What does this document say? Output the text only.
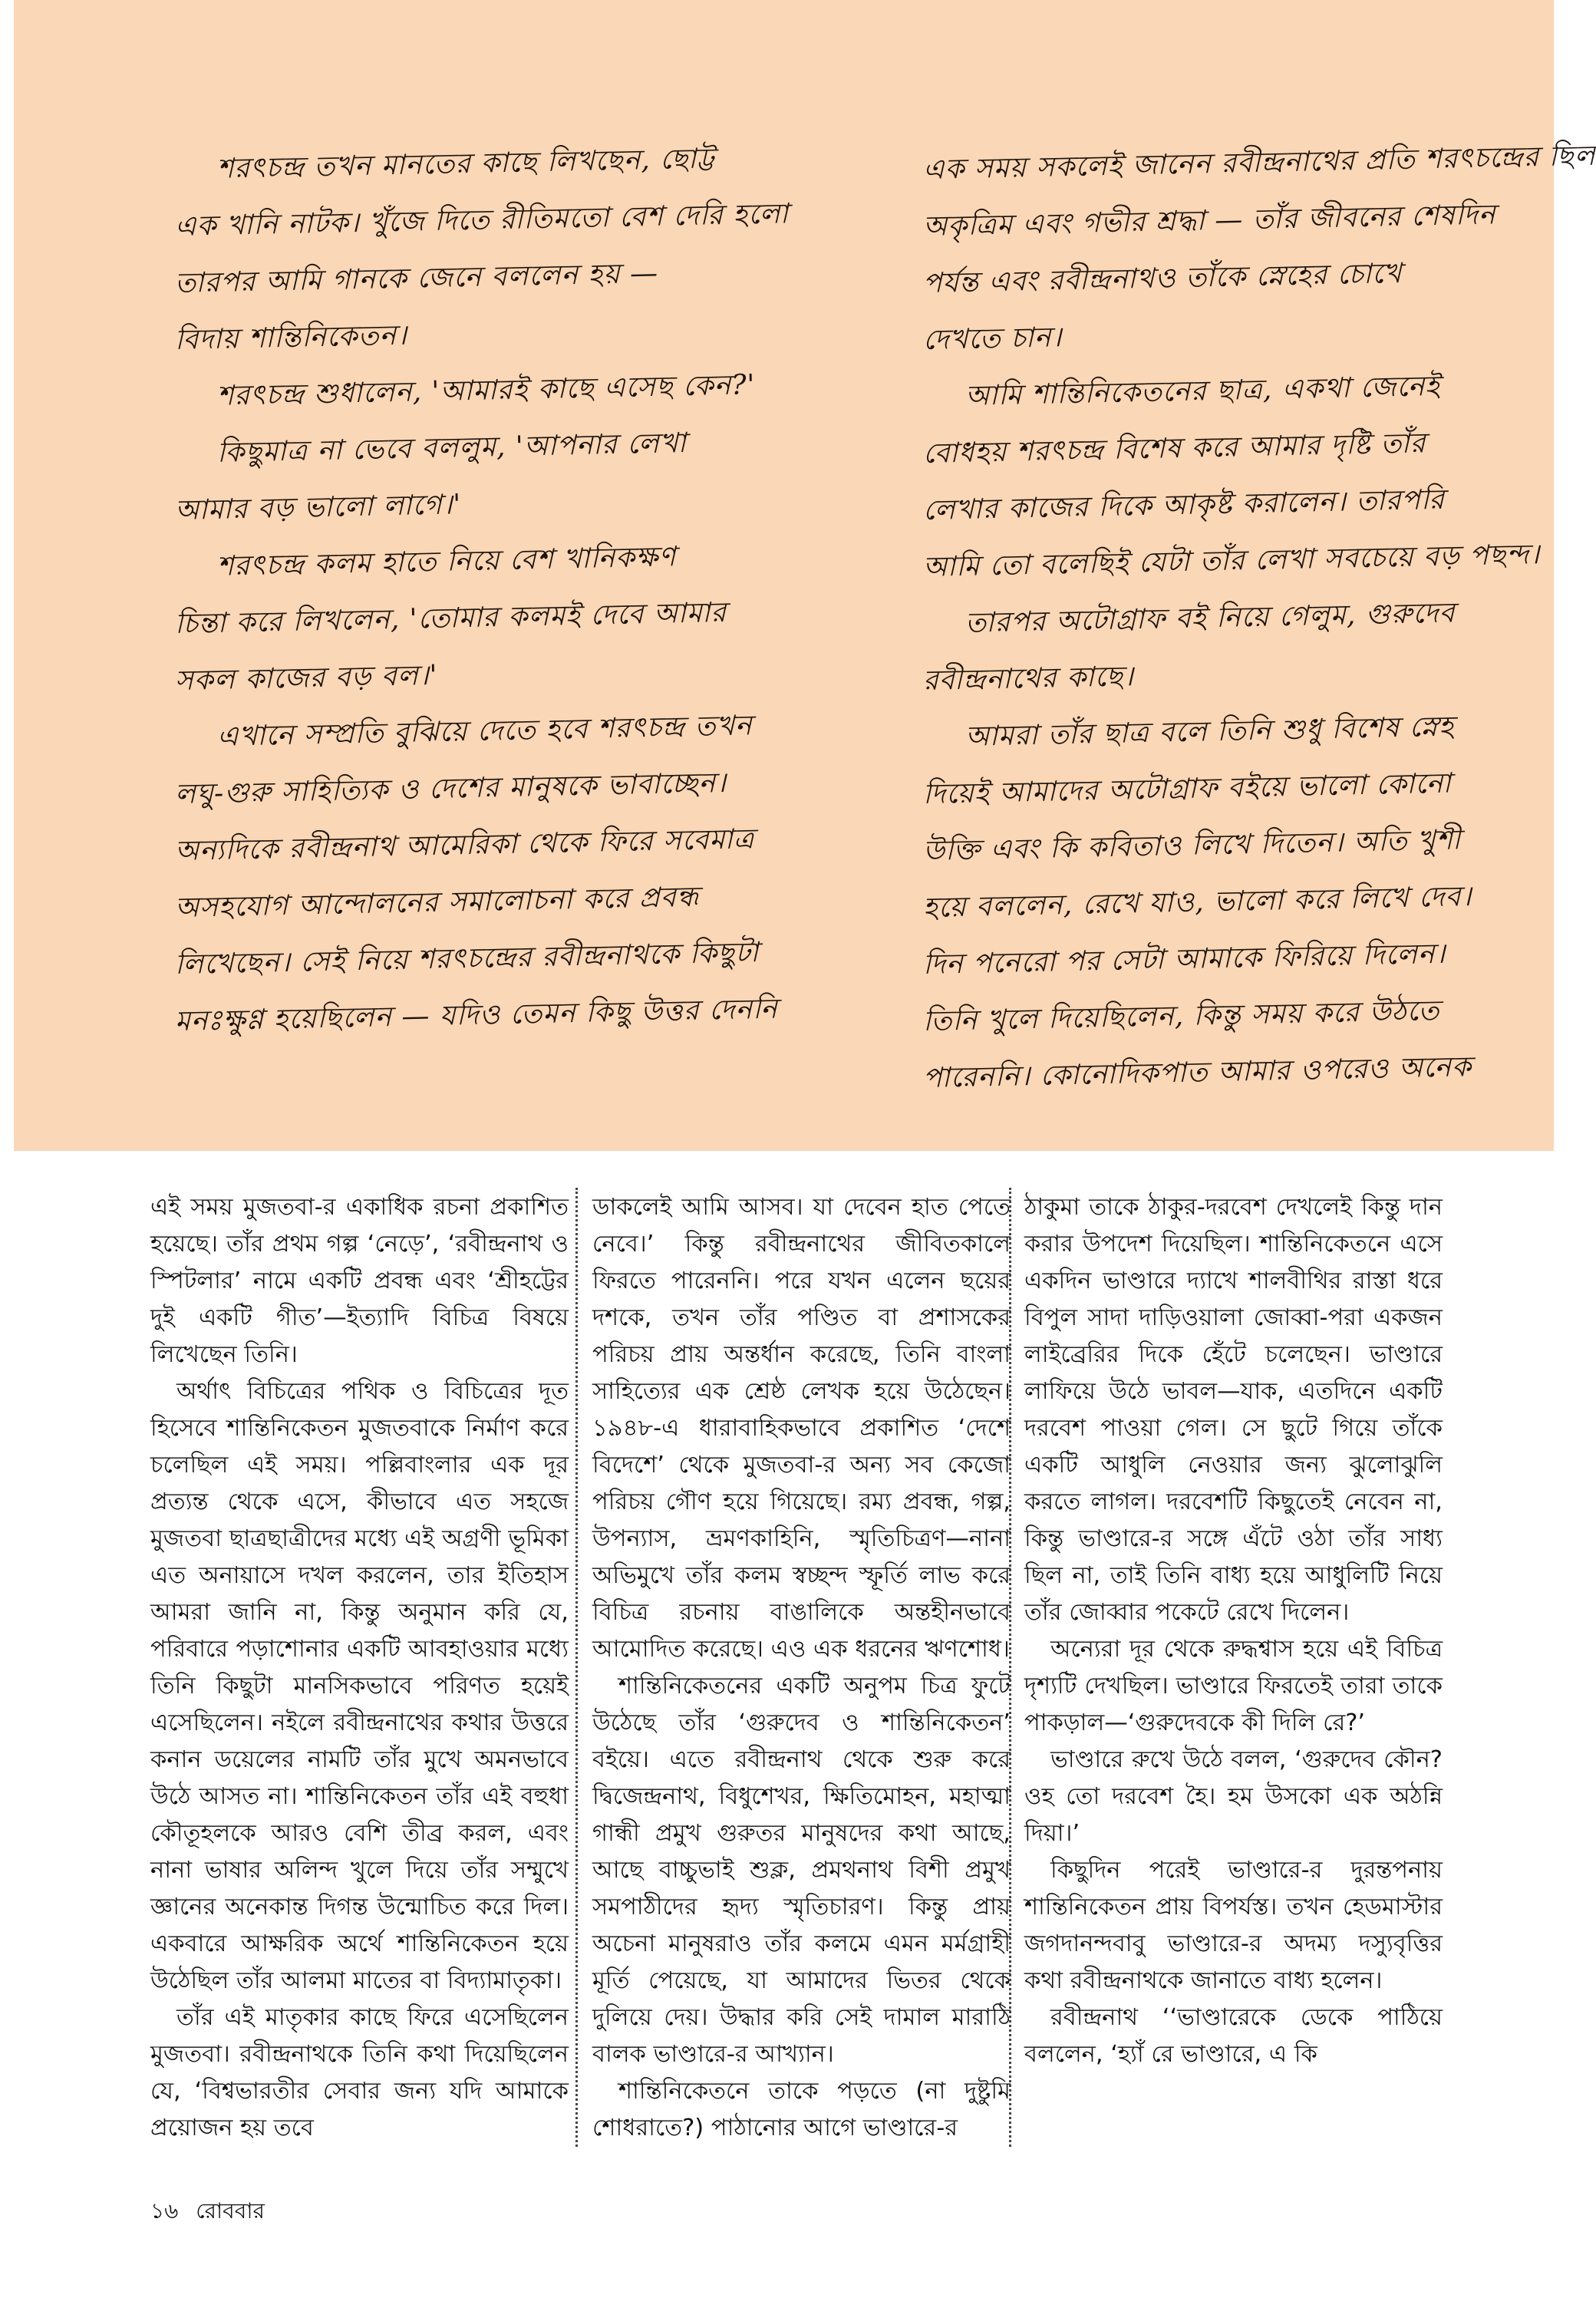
শরৎচন্দ্র তখন মানতের কাছে লিখছেন, ছোট্ট
এক খানি নাটক। খুঁজে দিতে রীতিমতো বেশ দেরি হলো
তারপর আমি গানকে জেনে বললেন হয় —
বিদায় শান্তিনিকেতন।
শরৎচন্দ্র শুধালেন, 'আমারই কাছে এসেছ কেন?'
কিছুমাত্র না ভেবে বললুম, 'আপনার লেখা
আমার বড় ভালো লাগে।'
শরৎচন্দ্র কলম হাতে নিয়ে বেশ খানিকক্ষণ
চিন্তা করে লিখলেন, 'তোমার কলমই দেবে আমার
সকল কাজের বড় বল।'
এখানে সম্প্রতি বুঝিয়ে দেতে হবে শরৎচন্দ্র তখন
লঘু-গুরু সাহিত্যিক ও দেশের মানুষকে ভাবাচ্ছেন।
অন্যদিকে রবীন্দ্রনাথ আমেরিকা থেকে ফিরে সবেমাত্র
অসহযোগ আন্দোলনের সমালোচনা করে প্রবন্ধ
লিখেছেন। সেই নিয়ে শরৎচন্দ্রের রবীন্দ্রনাথকে কিছুটা
মনঃক্ষুণ্ণ হয়েছিলেন — যদিও তেমন কিছু উত্তর দেননি
এক সময় সকলেই জানেন রবীন্দ্রনাথের প্রতি শরৎচন্দ্রের ছিল
অকৃত্রিম এবং গভীর শ্রদ্ধা — তাঁর জীবনের শেষদিন
পর্যন্ত এবং রবীন্দ্রনাথও তাঁকে স্নেহের চোখে
দেখতে চান।
আমি শান্তিনিকেতনের ছাত্র, একথা জেনেই
বোধহয় শরৎচন্দ্র বিশেষ করে আমার দৃষ্টি তাঁর
লেখার কাজের দিকে আকৃষ্ট করালেন। তারপরি
আমি তো বলেছিই যেটা তাঁর লেখা সবচেয়ে বড় পছন্দ।
তারপর অটোগ্রাফ বই নিয়ে গেলুম, গুরুদেব
রবীন্দ্রনাথের কাছে।
আমরা তাঁর ছাত্র বলে তিনি শুধু বিশেষ স্নেহ
দিয়েই আমাদের অটোগ্রাফ বইয়ে ভালো কোনো
উক্তি এবং কি কবিতাও লিখে দিতেন। অতি খুশী
হয়ে বললেন, রেখে যাও, ভালো করে লিখে দেব।
দিন পনেরো পর সেটা আমাকে ফিরিয়ে দিলেন।
তিনি খুলে দিয়েছিলেন, কিন্তু সময় করে উঠতে
পারেননি। কোনোদিকপাত আমার ওপরেও অনেক

এই সময় মুজতবা-র একাধিক রচনা প্রকাশিত হয়েছে। তাঁর প্রথম গল্প ‘নেড়ে’, ‘রবীন্দ্রনাথ ও স্পিটলার’ নামে একটি প্রবন্ধ এবং ‘শ্রীহট্টের দুই একটি গীত’—ইত্যাদি বিচিত্র বিষয়ে লিখেছেন তিনি।

অর্থাৎ বিচিত্রের পথিক ও বিচিত্রের দূত হিসেবে শান্তিনিকেতন মুজতবাকে নির্মাণ করে চলেছিল এই সময়। পল্লিবাংলার এক দূর প্রত্যন্ত থেকে এসে, কীভাবে এত সহজে মুজতবা ছাত্রছাত্রীদের মধ্যে এই অগ্রণী ভূমিকা এত অনায়াসে দখল করলেন, তার ইতিহাস আমরা জানি না, কিন্তু অনুমান করি যে, পরিবারে পড়াশোনার একটি আবহাওয়ার মধ্যে তিনি কিছুটা মানসিকভাবে পরিণত হয়েই এসেছিলেন। নইলে রবীন্দ্রনাথের কথার উত্তরে কনান ডয়েলের নামটি তাঁর মুখে অমনভাবে উঠে আসত না। শান্তিনিকেতন তাঁর এই বহুধা কৌতূহলকে আরও বেশি তীব্র করল, এবং নানা ভাষার অলিন্দ খুলে দিয়ে তাঁর সম্মুখে জ্ঞানের অনেকান্ত দিগন্ত উন্মোচিত করে দিল। একবারে আক্ষরিক অর্থে শান্তিনিকেতন হয়ে উঠেছিল তাঁর আলমা মাতের বা বিদ্যামাতৃকা।

তাঁর এই মাতৃকার কাছে ফিরে এসেছিলেন মুজতবা। রবীন্দ্রনাথকে তিনি কথা দিয়েছিলেন যে, ‘বিশ্বভারতীর সেবার জন্য যদি আমাকে প্রয়োজন হয় তবে

ডাকলেই আমি আসব। যা দেবেন হাত পেতে নেবে।’ কিন্তু রবীন্দ্রনাথের জীবিতকালে ফিরতে পারেননি। পরে যখন এলেন ছয়ের দশকে, তখন তাঁর পণ্ডিত বা প্রশাসকের পরিচয় প্রায় অন্তর্ধান করেছে, তিনি বাংলা সাহিত্যের এক শ্রেষ্ঠ লেখক হয়ে উঠেছেন। ১৯৪৮-এ ধারাবাহিকভাবে প্রকাশিত ‘দেশে বিদেশে’ থেকে মুজতবা-র অন্য সব কেজো পরিচয় গৌণ হয়ে গিয়েছে। রম্য প্রবন্ধ, গল্প, উপন্যাস, ভ্রমণকাহিনি, স্মৃতিচিত্রণ—নানা অভিমুখে তাঁর কলম স্বচ্ছন্দ স্ফূর্তি লাভ করে বিচিত্র রচনায় বাঙালিকে অন্তহীনভাবে আমোদিত করেছে। এও এক ধরনের ঋণশোধ।

শান্তিনিকেতনের একটি অনুপম চিত্র ফুটে উঠেছে তাঁর ‘গুরুদেব ও শান্তিনিকেতন’ বইয়ে। এতে রবীন্দ্রনাথ থেকে শুরু করে দ্বিজেন্দ্রনাথ, বিধুশেখর, ক্ষিতিমোহন, মহাত্মা গান্ধী প্রমুখ গুরুতর মানুষদের কথা আছে, আছে বাচ্চুভাই শুক্ল, প্রমথনাথ বিশী প্রমুখ সমপাঠীদের হৃদ্য স্মৃতিচারণ। কিন্তু প্রায় অচেনা মানুষরাও তাঁর কলমে এমন মর্মগ্রাহী মূর্তি পেয়েছে, যা আমাদের ভিতর থেকে দুলিয়ে দেয়। উদ্ধার করি সেই দামাল মারাঠি বালক ভাণ্ডারে-র আখ্যান।

শান্তিনিকেতনে তাকে পড়তে (না দুষ্টুমি শোধরাতে?) পাঠানোর আগে ভাণ্ডারে-র

ঠাকুমা তাকে ঠাকুর-দরবেশ দেখলেই কিন্তু দান করার উপদেশ দিয়েছিল। শান্তিনিকেতনে এসে একদিন ভাণ্ডারে দ্যাখে শালবীথির রাস্তা ধরে বিপুল সাদা দাড়িওয়ালা জোব্বা-পরা একজন লাইব্রেরির দিকে হেঁটে চলেছেন। ভাণ্ডারে লাফিয়ে উঠে ভাবল—যাক, এতদিনে একটি দরবেশ পাওয়া গেল। সে ছুটে গিয়ে তাঁকে একটি আধুলি নেওয়ার জন্য ঝুলোঝুলি করতে লাগল। দরবেশটি কিছুতেই নেবেন না, কিন্তু ভাণ্ডারে-র সঙ্গে এঁটে ওঠা তাঁর সাধ্য ছিল না, তাই তিনি বাধ্য হয়ে আধুলিটি নিয়ে তাঁর জোব্বার পকেটে রেখে দিলেন।

অন্যেরা দূর থেকে রুদ্ধশ্বাস হয়ে এই বিচিত্র দৃশ্যটি দেখছিল। ভাণ্ডারে ফিরতেই তারা তাকে পাকড়াল—‘গুরুদেবকে কী দিলি রে?’

ভাণ্ডারে রুখে উঠে বলল, ‘গুরুদেব কৌন? ওহ তো দরবেশ হৈ। হম উসকো এক অঠন্নি দিয়া।’

কিছুদিন পরেই ভাণ্ডারে-র দুরন্তপনায় শান্তিনিকেতন প্রায় বিপর্যস্ত। তখন হেডমাস্টার জগদানন্দবাবু ভাণ্ডারে-র অদম্য দস্যুবৃত্তির কথা রবীন্দ্রনাথকে জানাতে বাধ্য হলেন।

রবীন্দ্রনাথ ‘‘ভাণ্ডারেকে ডেকে পাঠিয়ে বললেন, ‘হ্যাঁ রে ভাণ্ডারে, এ কি

১৬ রোববার
